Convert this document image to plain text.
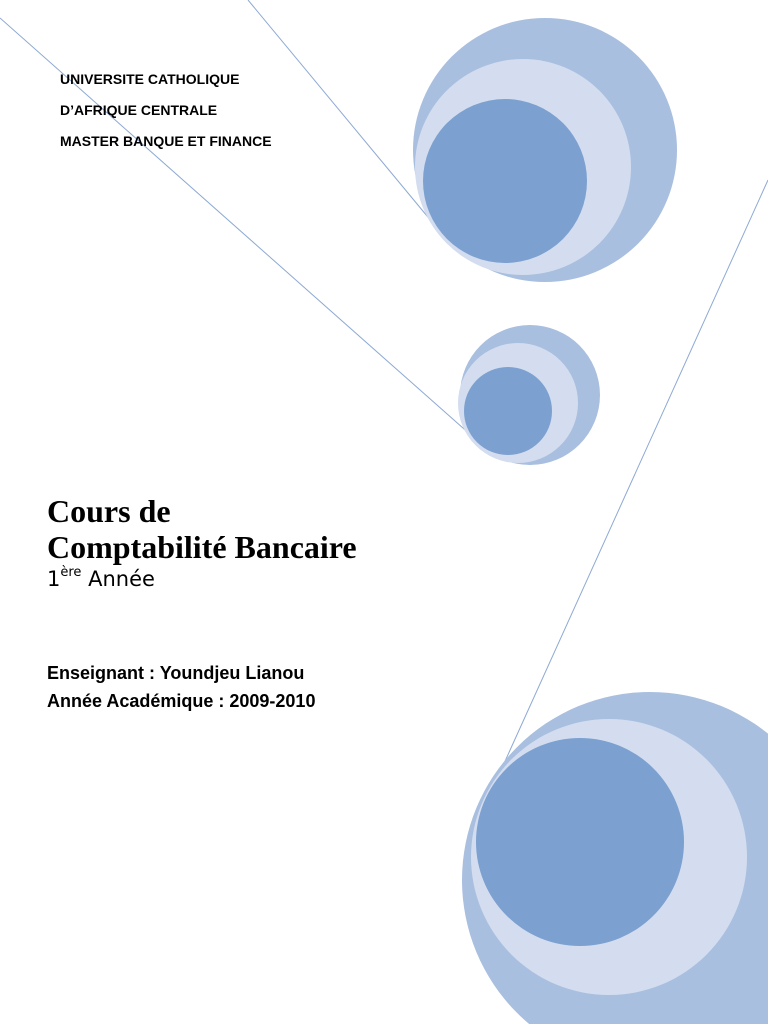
UNIVERSITE CATHOLIQUE
D’AFRIQUE CENTRALE
MASTER BANQUE ET FINANCE
Cours de
Comptabilité Bancaire
1ère Année
Enseignant : Youndjeu Lianou
Année Académique : 2009-2010
